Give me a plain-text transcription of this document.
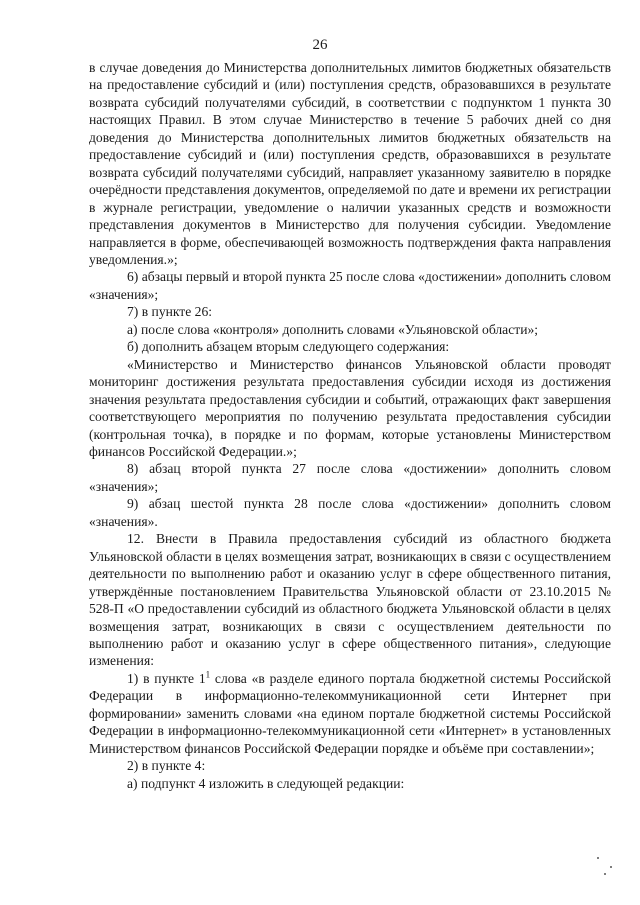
26

в случае доведения до Министерства дополнительных лимитов бюджетных обязательств на предоставление субсидий и (или) поступления средств, образовавшихся в результате возврата субсидий получателями субсидий, в соответствии с подпунктом 1 пункта 30 настоящих Правил. В этом случае Министерство в течение 5 рабочих дней со дня доведения до Министерства дополнительных лимитов бюджетных обязательств на предоставление субсидий и (или) поступления средств, образовавшихся в результате возврата субсидий получателями субсидий, направляет указанному заявителю в порядке очерёдности представления документов, определяемой по дате и времени их регистрации в журнале регистрации, уведомление о наличии указанных средств и возможности представления документов в Министерство для получения субсидии. Уведомление направляется в форме, обеспечивающей возможность подтверждения факта направления уведомления.»;

6) абзацы первый и второй пункта 25 после слова «достижении» дополнить словом «значения»;

7) в пункте 26:

а) после слова «контроля» дополнить словами «Ульяновской области»;

б) дополнить абзацем вторым следующего содержания:

«Министерство и Министерство финансов Ульяновской области проводят мониторинг достижения результата предоставления субсидии исходя из достижения значения результата предоставления субсидии и событий, отражающих факт завершения соответствующего мероприятия по получению результата предоставления субсидии (контрольная точка), в порядке и по формам, которые установлены Министерством финансов Российской Федерации.»;

8) абзац второй пункта 27 после слова «достижении» дополнить словом «значения»;

9) абзац шестой пункта 28 после слова «достижении» дополнить словом «значения».

12. Внести в Правила предоставления субсидий из областного бюджета Ульяновской области в целях возмещения затрат, возникающих в связи с осуществлением деятельности по выполнению работ и оказанию услуг в сфере общественного питания, утверждённые постановлением Правительства Ульяновской области от 23.10.2015 № 528-П «О предоставлении субсидий из областного бюджета Ульяновской области в целях возмещения затрат, возникающих в связи с осуществлением деятельности по выполнению работ и оказанию услуг в сфере общественного питания», следующие изменения:

1) в пункте $1^1$ слова «в разделе единого портала бюджетной системы Российской Федерации в информационно-телекоммуникационной сети Интернет при формировании» заменить словами «на едином портале бюджетной системы Российской Федерации в информационно-телекоммуникационной сети «Интернет» в установленных Министерством финансов Российской Федерации порядке и объёме при составлении»;

2) в пункте 4:

а) подпункт 4 изложить в следующей редакции:
